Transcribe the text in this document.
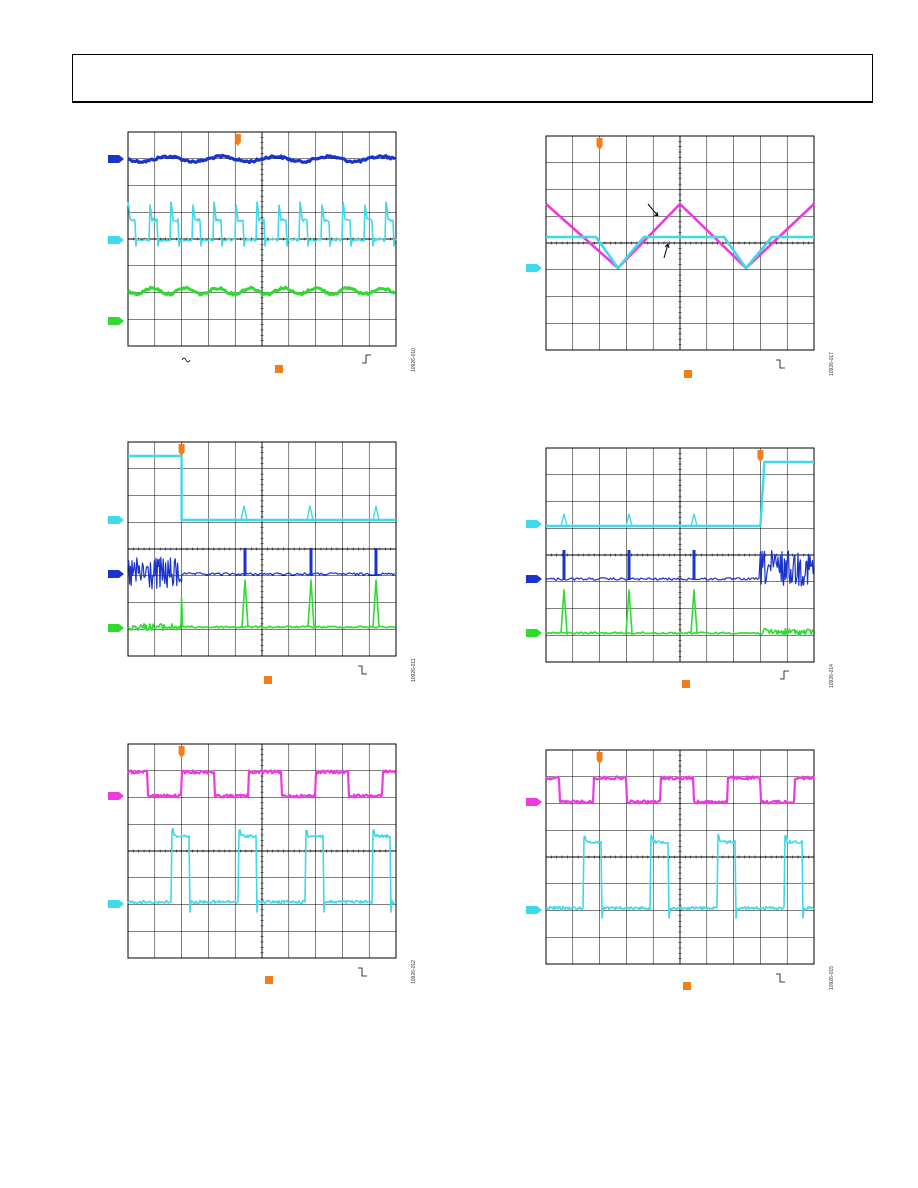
10926-010	10926-017
10926-011	10926-014
10926-012	10926-015
